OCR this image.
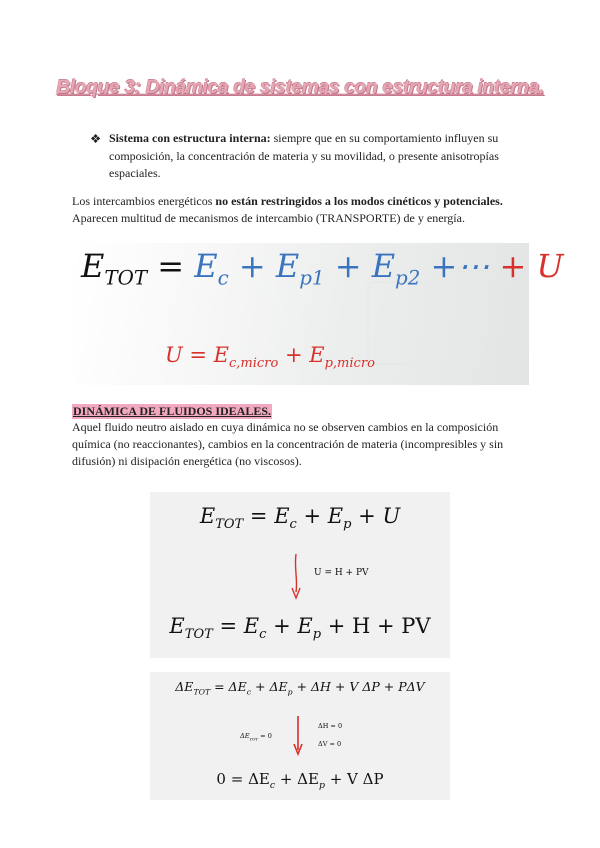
Bloque 3: Dinámica de sistemas con estructura interna.
❖ Sistema con estructura interna: siempre que en su comportamiento influyen su composición, la concentración de materia y su movilidad, o presente anisotropías espaciales.
Los intercambios energéticos no están restringidos a los modos cinéticos y potenciales.
Aparecen multitud de mecanismos de intercambio (TRANSPORTE) de y energía.
$E_{TOT} = E_c + E_{p1} + E_{p2}$ +⋯ + U
$U = E_{c,micro} + E_{p,micro}$
DINÁMICA DE FLUIDOS IDEALES.
Aquel fluido neutro aislado en cuya dinámica no se observen cambios en la composición química (no reaccionantes), cambios en la concentración de materia (incompresibles y sin difusión) ni disipación energética (no viscosos).
$E_{TOT} = E_c + E_p + U$
U = H + PV
$E_{TOT} = E_c + E_p + H$ + PV
$\Delta E_{TOT} = \Delta E_c + \Delta E_p + \Delta H + V$ ΔP + PΔV
$\Delta E_{TOT} = 0$
ΔH = 0
ΔV = 0
$0 = \Delta E_c + \Delta E_p + V$ ΔP
